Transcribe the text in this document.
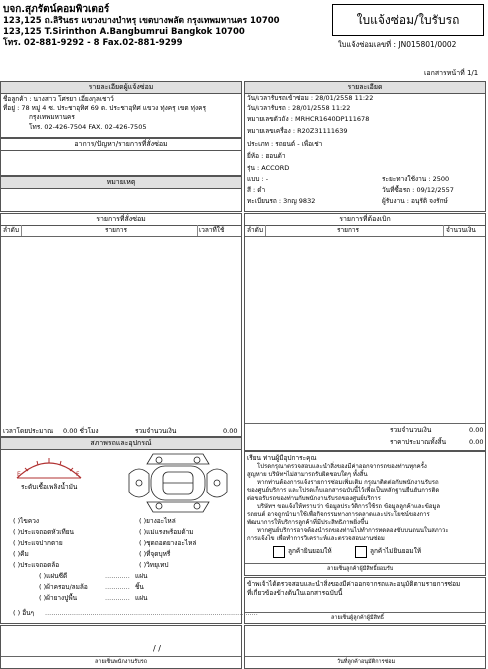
บจก.สุภรัตน์คอมพิวเตอร์
123,125 ถ.ลิรินธร แขวงบางบำหรุ เขตบางพลัด กรุงเทพมหานคร 10700
123,125 T.Sirinthon A.Bangbumrui Bangkok 10700
โทร. 02-881-9292 - 8 Fax.02-881-9299
ใบแจ้งซ่อม/ใบรับรถ
ใบแจ้งซ่อมเลขที่ : JN015801/0002
เอกสารหน้าที่ 1/1
รายละเอียดผู้แจ้งซ่อม
ชื่อลูกค้า : นางสาว โศรยา เอี่ยงกุลเชาว์
ที่อยู่ : 78 หมู่ 4 ซ. ประชาอุทิศ 69 ต. ประชาอุทิศ แขวง ทุ่งครุ เขต ทุ่งครุ
กรุงเทพมหานคร
โทร. 02-426-7504 FAX. 02-426-7505
อาการ/ปัญหา/รายการที่สั่งซ่อม
หมายเหตุ
รายละเอียด
วัน/เวลารับรถเข้าซ่อม : 28/01/2558 11:22
วัน/เวลารับรถ : 28/01/2558 11:22
หมายเลขตัวถัง : MRHCR1640DP111678
หมายเลขเครื่อง : R20Z31111639
ประเภท : รถยนต์ - เพื่อเช่า
ยี่ห้อ : ฮอนด้า
รุ่น : ACCORD
แบบ : -	ระยะทางใช้งาน : 2500
สี : ดำ	วันที่ซื้อรถ : 09/12/2557
ทะเบียนรถ : 3กญ 9832	ผู้รับงาน : อนุรัติ จงรักษ์
รายการที่สั่งซ่อม
ลำดับ	รายการ	เวลาที่ใช้
เวลาโดยประมาณ 0.00 ชั่วโมง	รวมจำนวนเงิน	0.00
รายการที่ต้องเบิก
ลำดับ	รายการ	จำนวนเงิน
รวมจำนวนเงิน	0.00
ราคาประมาณทั้งสิ้น	0.00
สภาพรถและอุปกรณ์
E	F
ระดับเชื้อเพลิงน้ำมัน
( )ไขควง
( )ประแจถอดหัวเทียน
( )ประแจปากตาย
( )คีม
( )ประแจถอดล้อ
( )แผ่นซีดี
( )ผ้าครอบ/ลมล้อ
( )ผ้ายางปูพื้น
( )ยางอะไหล่
( )แม่แรงพร้อมด้าม
( )ชุดถอดยางอะไหล่
( )ที่จุดบุหรี่
( )วิทยุเทป
............ แผ่น
............ ชิ้น
............ แผ่น
( ) อื่นๆ .......................................................................................................
เรียน ท่านผู้มีอุปการะคุณ
โปรดกรุณาตรวจสอบและนำสิ่งของมีค่าออกจากรถของท่านทุกครั้ง
สูญหาย บริษัทฯไม่สามารถรับผิดชอบใดๆ ทั้งสิ้น
หากท่านต้องการแจ้งรายการซ่อมเพิ่มเติม กรุณาติดต่อกับพนักงานรับรถ
ของศูนย์บริการ และโปรดเก็บเอกสารฉบับนี้ไว้เพื่อเป็นหลักฐานยืนยันการติด
ต่อขอรับรถของท่านกับพนักงานรับรถของศูนย์บริการ
บริษัทฯ ขอแจ้งให้ทราบว่า ข้อมูลประวัติการใช้รถ ข้อมูลลูกค้าและข้อมูล
รถยนต์ อาจถูกนำมาใช้เพื่อกิจกรรมทางการตลาดและประโยชน์ของการ
พัฒนาการให้บริการลูกค้าที่มีประสิทธิภาพยิ่งขึ้น
หากศูนย์บริการอาจต้องนำรถของท่านไปทำการทดลองขับบนถนนในสภาวะ
การแจ้งไข เพื่อทำการวิเคราะห์และตรวจสอบงานซ่อม
ลูกค้ายินยอมให้	ลูกค้าไม่ยินยอมให้
ลายเซ็นลูกค้าผู้มีสิทธิ์ยอมรับ
ข้าพเจ้าได้ตรวจสอบและนำสิ่งของมีค่าออกจากรถและอนุมัติตามรายการซ่อม
ที่เกี่ยวข้องข้างต้นในเอกสารฉบับนี้
ลายเซ็นผู้ลูกค้าผู้มีสิทธิ์
/ /
ลายเซ็นพนักงานรับรถ	วันที่ลูกค้าอนุมัติการซ่อม
